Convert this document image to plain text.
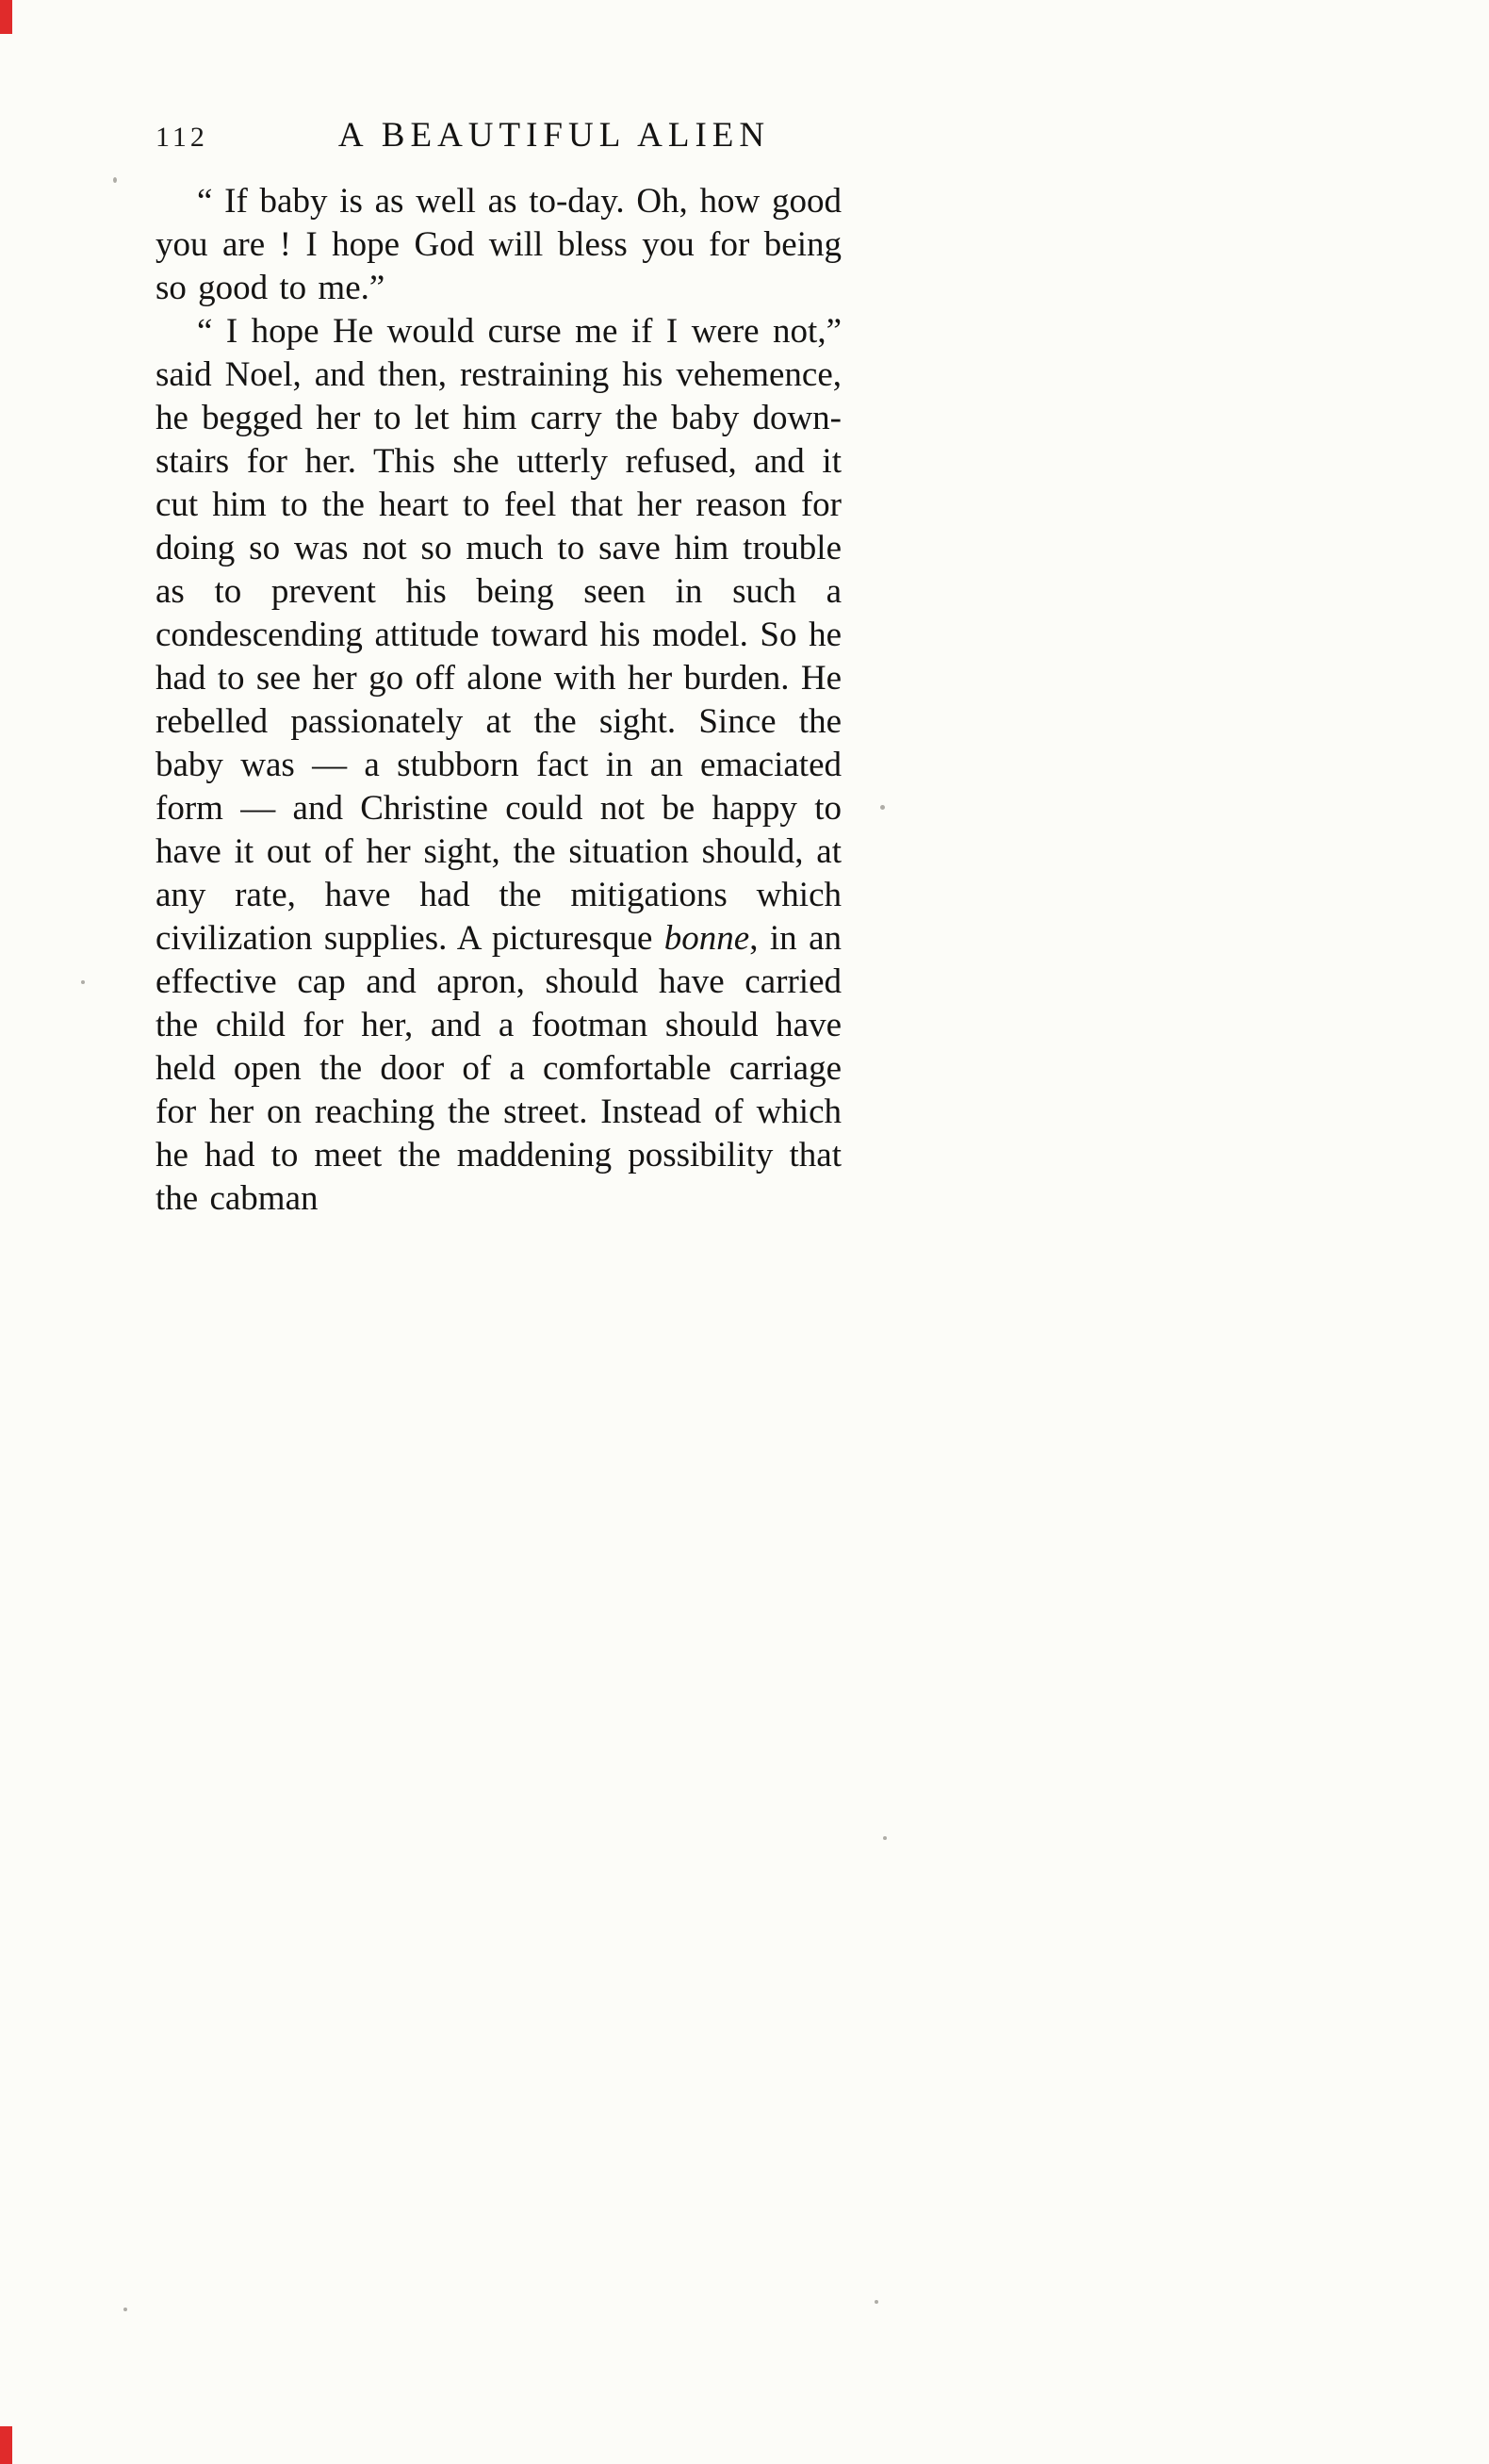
112	A BEAUTIFUL ALIEN

“ If baby is as well as to-day. Oh, how good you are ! I hope God will bless you for being so good to me.”

“ I hope He would curse me if I were not,” said Noel, and then, restraining his vehemence, he begged her to let him carry the baby down-stairs for her. This she utterly refused, and it cut him to the heart to feel that her reason for doing so was not so much to save him trouble as to prevent his being seen in such a condescending attitude toward his model. So he had to see her go off alone with her burden. He rebelled passionately at the sight. Since the baby was — a stubborn fact in an emaciated form — and Christine could not be happy to have it out of her sight, the situation should, at any rate, have had the mitigations which civilization supplies. A picturesque bonne, in an effective cap and apron, should have carried the child for her, and a footman should have held open the door of a comfortable carriage for her on reaching the street. Instead of which he had to meet the maddening possibility that the cabman
